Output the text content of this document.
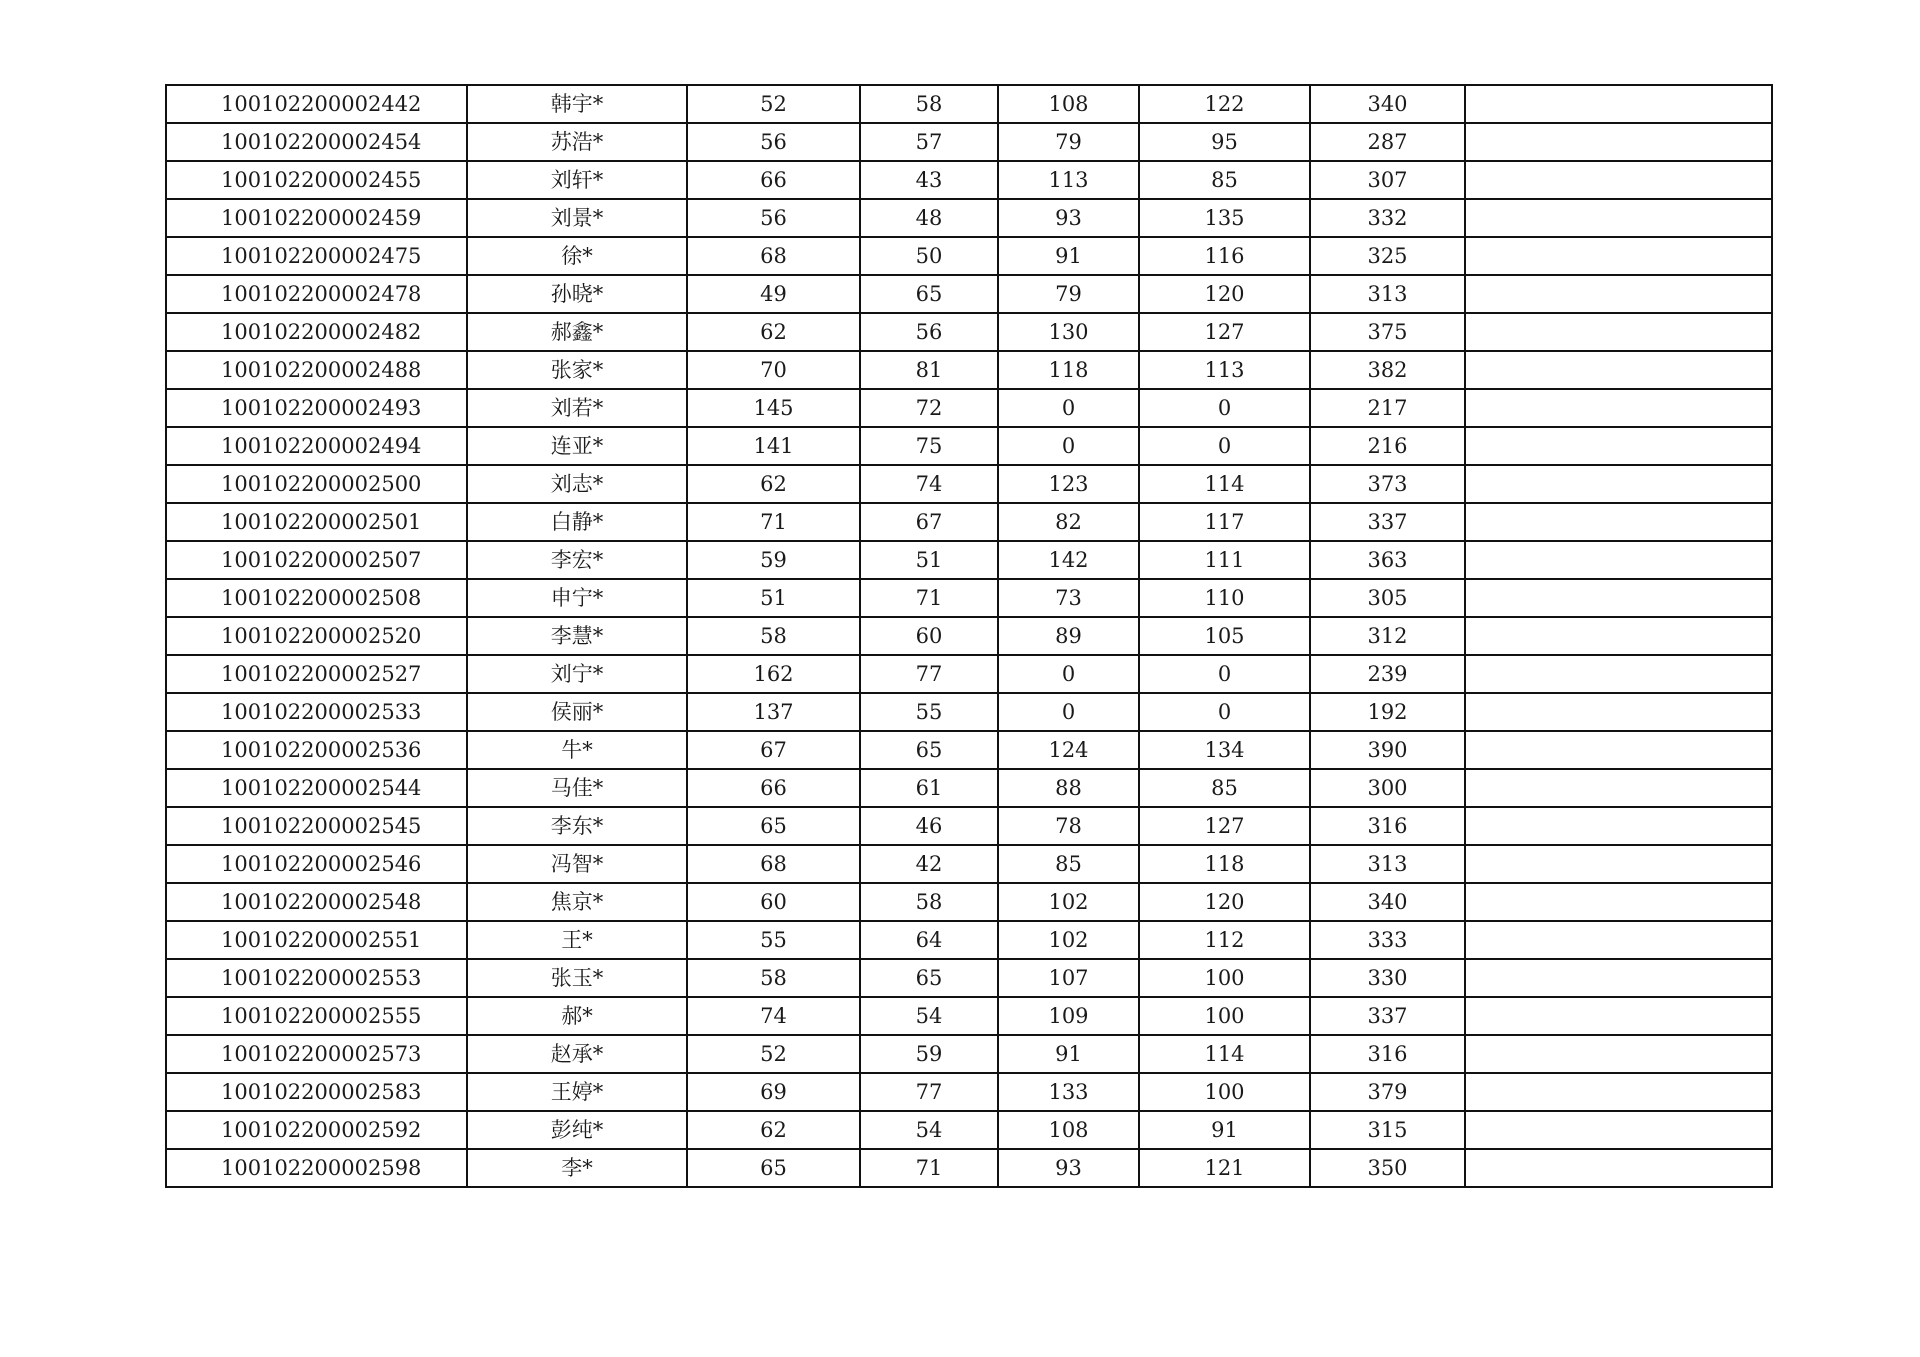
100102200002442	韩宇*	52	58	108	122	340	
100102200002454	苏浩*	56	57	79	95	287	
100102200002455	刘轩*	66	43	113	85	307	
100102200002459	刘景*	56	48	93	135	332	
100102200002475	徐*	68	50	91	116	325	
100102200002478	孙晓*	49	65	79	120	313	
100102200002482	郝鑫*	62	56	130	127	375	
100102200002488	张家*	70	81	118	113	382	
100102200002493	刘若*	145	72	0	0	217	
100102200002494	连亚*	141	75	0	0	216	
100102200002500	刘志*	62	74	123	114	373	
100102200002501	白静*	71	67	82	117	337	
100102200002507	李宏*	59	51	142	111	363	
100102200002508	申宁*	51	71	73	110	305	
100102200002520	李慧*	58	60	89	105	312	
100102200002527	刘宁*	162	77	0	0	239	
100102200002533	侯丽*	137	55	0	0	192	
100102200002536	牛*	67	65	124	134	390	
100102200002544	马佳*	66	61	88	85	300	
100102200002545	李东*	65	46	78	127	316	
100102200002546	冯智*	68	42	85	118	313	
100102200002548	焦京*	60	58	102	120	340	
100102200002551	王*	55	64	102	112	333	
100102200002553	张玉*	58	65	107	100	330	
100102200002555	郝*	74	54	109	100	337	
100102200002573	赵承*	52	59	91	114	316	
100102200002583	王婷*	69	77	133	100	379	
100102200002592	彭纯*	62	54	108	91	315	
100102200002598	李*	65	71	93	121	350	
